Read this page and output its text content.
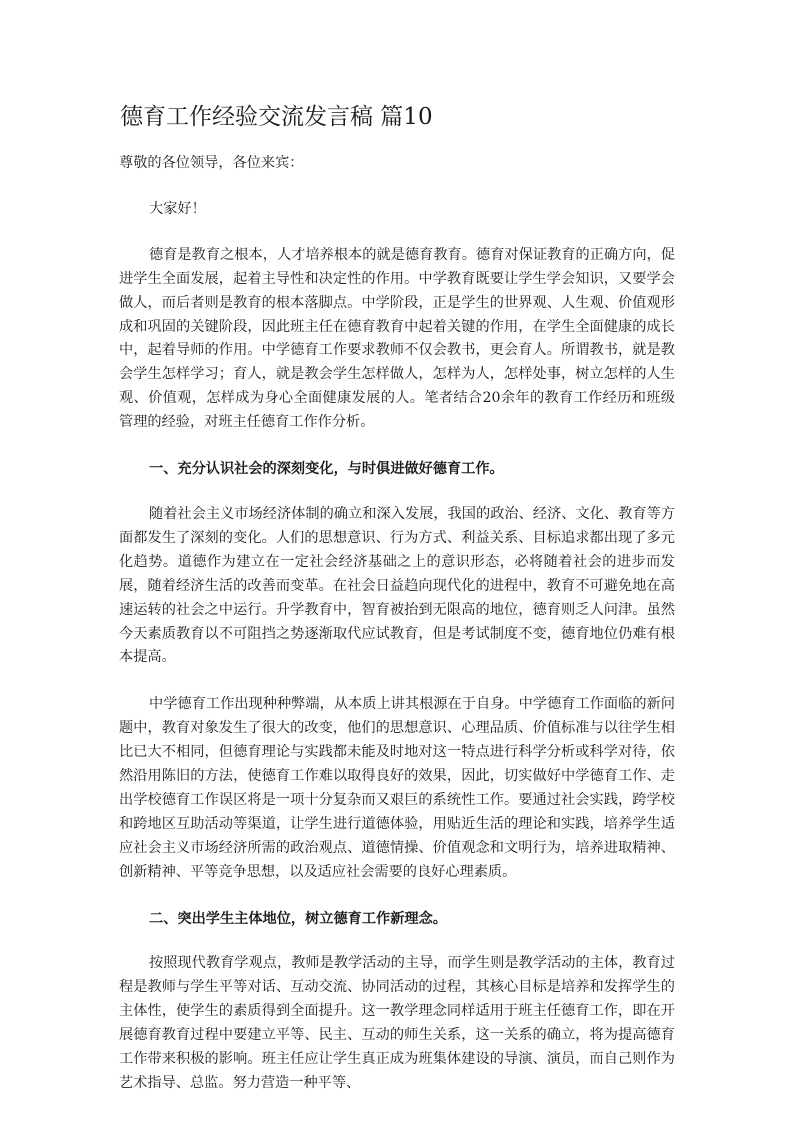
德育工作经验交流发言稿 篇10

尊敬的各位领导，各位来宾：

大家好！

德育是教育之根本，人才培养根本的就是德育教育。德育对保证教育的正确方向，促进学生全面发展，起着主导性和决定性的作用。中学教育既要让学生学会知识，又要学会做人，而后者则是教育的根本落脚点。中学阶段，正是学生的世界观、人生观、价值观形成和巩固的关键阶段，因此班主任在德育教育中起着关键的作用，在学生全面健康的成长中，起着导师的作用。中学德育工作要求教师不仅会教书，更会育人。所谓教书，就是教会学生怎样学习；育人，就是教会学生怎样做人，怎样为人，怎样处事，树立怎样的人生观、价值观，怎样成为身心全面健康发展的人。笔者结合20余年的教育工作经历和班级管理的经验，对班主任德育工作作分析。

一、充分认识社会的深刻变化，与时俱进做好德育工作。

随着社会主义市场经济体制的确立和深入发展，我国的政治、经济、文化、教育等方面都发生了深刻的变化。人们的思想意识、行为方式、利益关系、目标追求都出现了多元化趋势。道德作为建立在一定社会经济基础之上的意识形态，必将随着社会的进步而发展，随着经济生活的改善而变革。在社会日益趋向现代化的进程中，教育不可避免地在高速运转的社会之中运行。升学教育中，智育被抬到无限高的地位，德育则乏人问津。虽然今天素质教育以不可阻挡之势逐渐取代应试教育，但是考试制度不变，德育地位仍难有根本提高。

中学德育工作出现种种弊端，从本质上讲其根源在于自身。中学德育工作面临的新问题中，教育对象发生了很大的改变，他们的思想意识、心理品质、价值标准与以往学生相比已大不相同，但德育理论与实践都未能及时地对这一特点进行科学分析或科学对待，依然沿用陈旧的方法，使德育工作难以取得良好的效果，因此，切实做好中学德育工作、走出学校德育工作误区将是一项十分复杂而又艰巨的系统性工作。要通过社会实践，跨学校和跨地区互助活动等渠道，让学生进行道德体验，用贴近生活的理论和实践，培养学生适应社会主义市场经济所需的政治观点、道德情操、价值观念和文明行为，培养进取精神、创新精神、平等竞争思想，以及适应社会需要的良好心理素质。

二、突出学生主体地位，树立德育工作新理念。

按照现代教育学观点，教师是教学活动的主导，而学生则是教学活动的主体，教育过程是教师与学生平等对话、互动交流、协同活动的过程，其核心目标是培养和发挥学生的主体性，使学生的素质得到全面提升。这一教学理念同样适用于班主任德育工作，即在开展德育教育过程中要建立平等、民主、互动的师生关系，这一关系的确立，将为提高德育工作带来积极的影响。班主任应让学生真正成为班集体建设的导演、演员，而自己则作为艺术指导、总监。努力营造一种平等、
